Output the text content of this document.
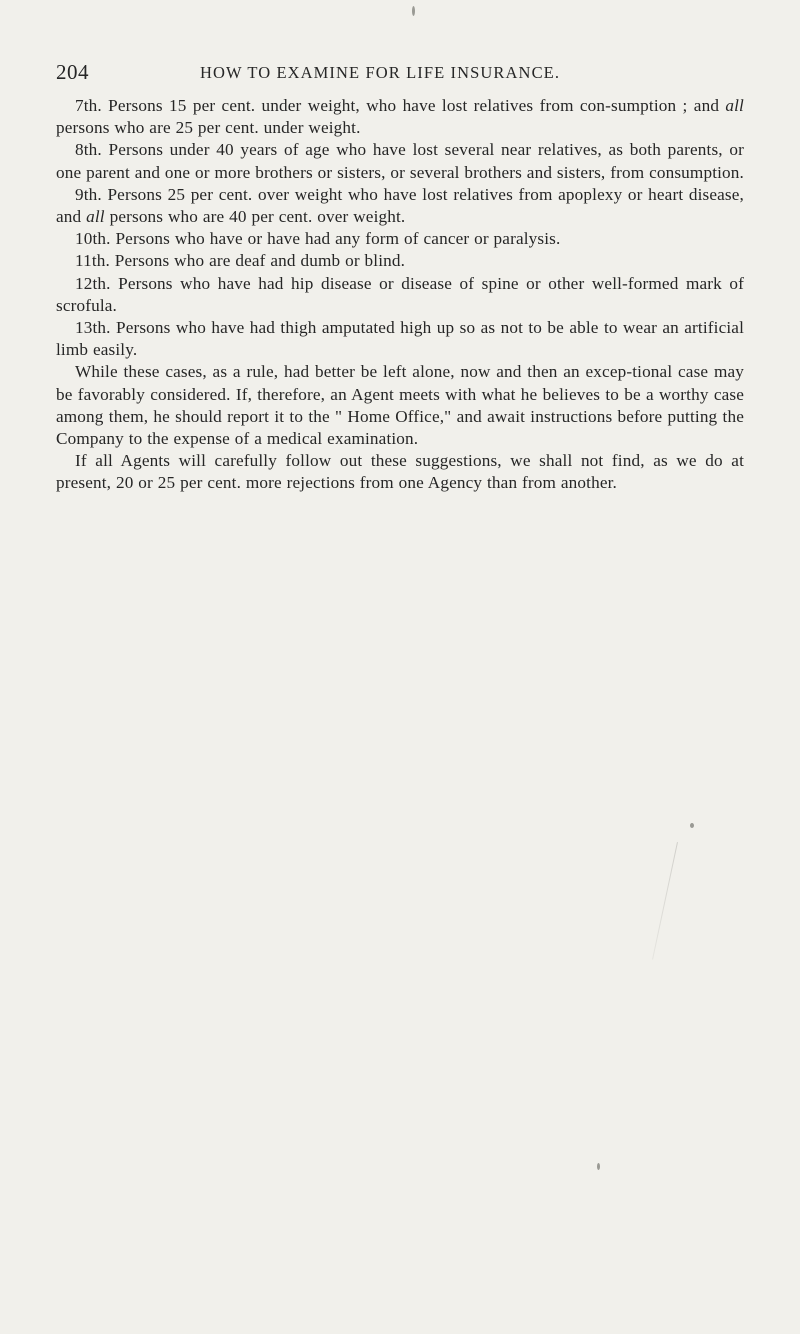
204	HOW TO EXAMINE FOR LIFE INSURANCE.

7th. Persons 15 per cent. under weight, who have lost relatives from con-sumption ; and all persons who are 25 per cent. under weight.

8th. Persons under 40 years of age who have lost several near relatives, as both parents, or one parent and one or more brothers or sisters, or several brothers and sisters, from consumption.

9th. Persons 25 per cent. over weight who have lost relatives from apoplexy or heart disease, and all persons who are 40 per cent. over weight.

10th. Persons who have or have had any form of cancer or paralysis.

11th. Persons who are deaf and dumb or blind.

12th. Persons who have had hip disease or disease of spine or other well-formed mark of scrofula.

13th. Persons who have had thigh amputated high up so as not to be able to wear an artificial limb easily.

While these cases, as a rule, had better be left alone, now and then an excep-tional case may be favorably considered. If, therefore, an Agent meets with what he believes to be a worthy case among them, he should report it to the " Home Office," and await instructions before putting the Company to the expense of a medical examination.

If all Agents will carefully follow out these suggestions, we shall not find, as we do at present, 20 or 25 per cent. more rejections from one Agency than from another.
